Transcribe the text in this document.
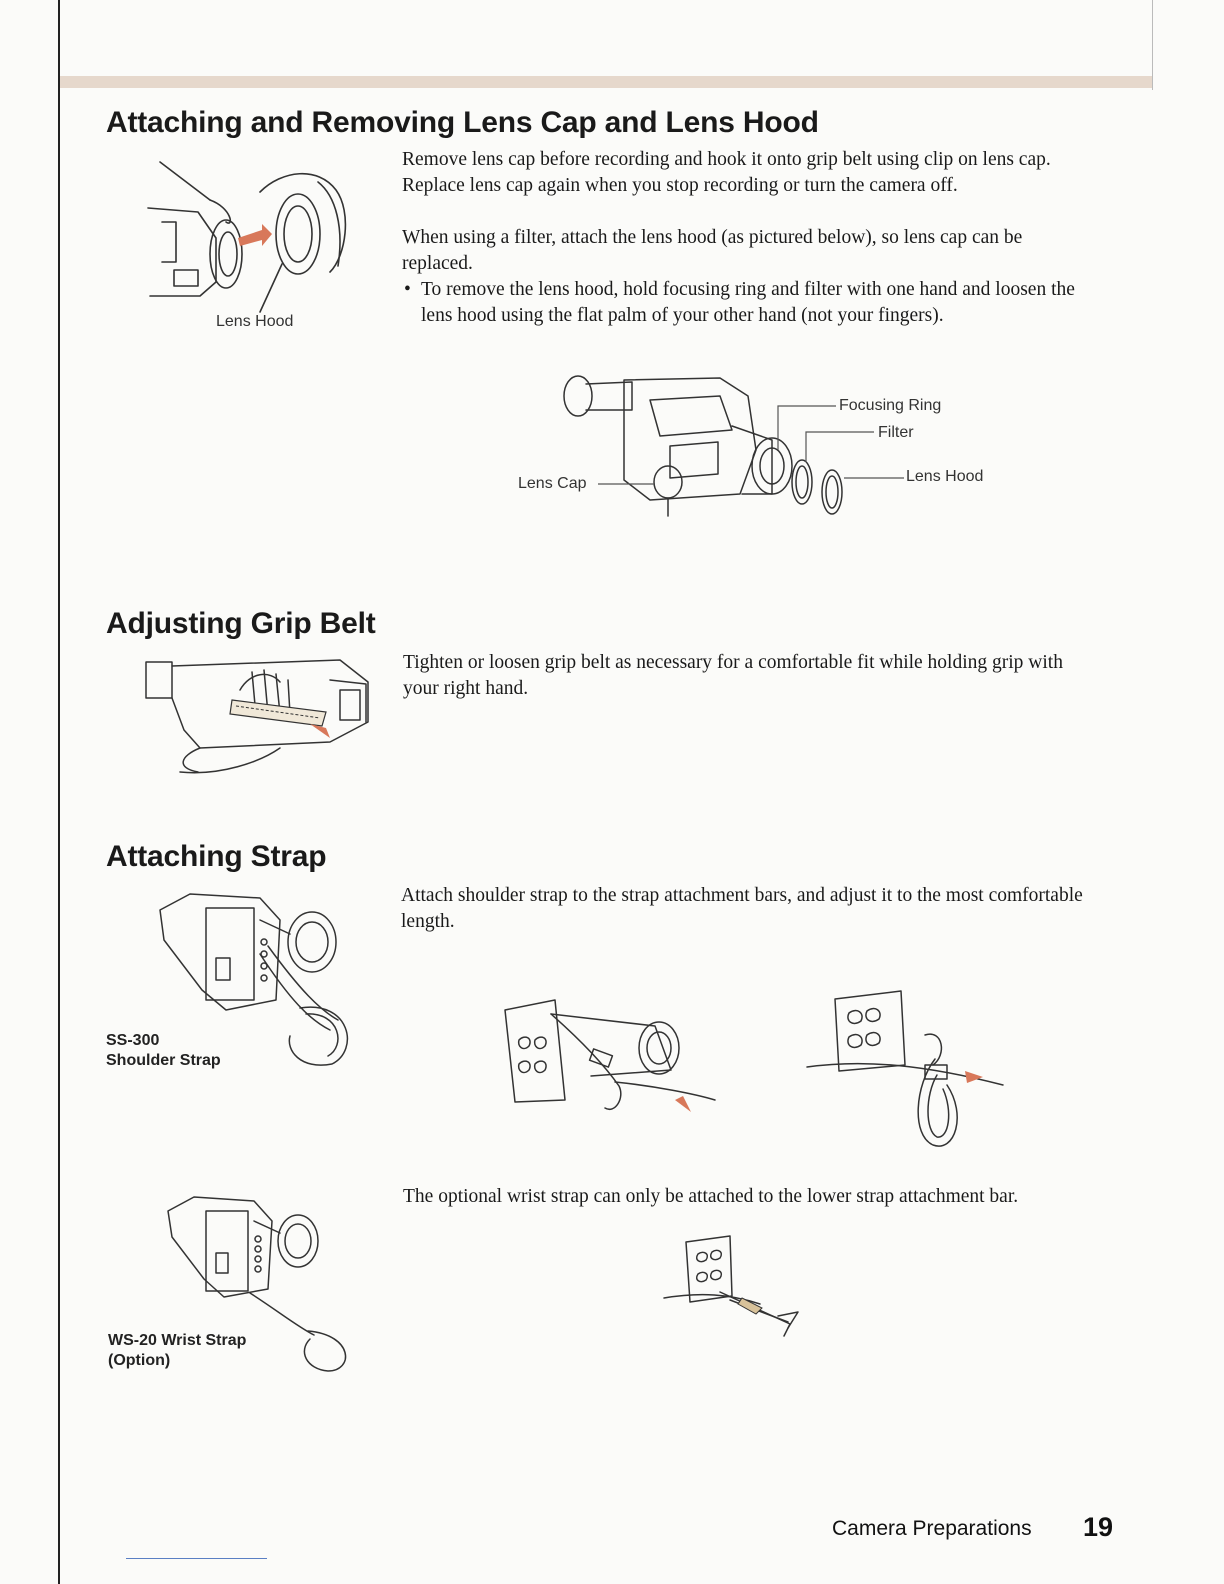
Attaching and Removing Lens Cap and Lens Hood
Lens Hood

Remove lens cap before recording and hook it onto grip belt using clip on lens cap. Replace lens cap again when you stop recording or turn the camera off.

When using a filter, attach the lens hood (as pictured below), so lens cap can be replaced.

• To remove the lens hood, hold focusing ring and filter with one hand and loosen the lens hood using the flat palm of your other hand (not your fingers).

Focusing Ring
Filter
Lens Hood
Lens Cap
Adjusting Grip Belt

Tighten or loosen grip belt as necessary for a comfortable fit while holding grip with your right hand.

Attaching Strap
SS-300
Shoulder Strap

Attach shoulder strap to the strap attachment bars, and adjust it to the most comfortable length.

WS-20 Wrist Strap
(Option)

The optional wrist strap can only be attached to the lower strap attachment bar.

Camera Preparations 19
